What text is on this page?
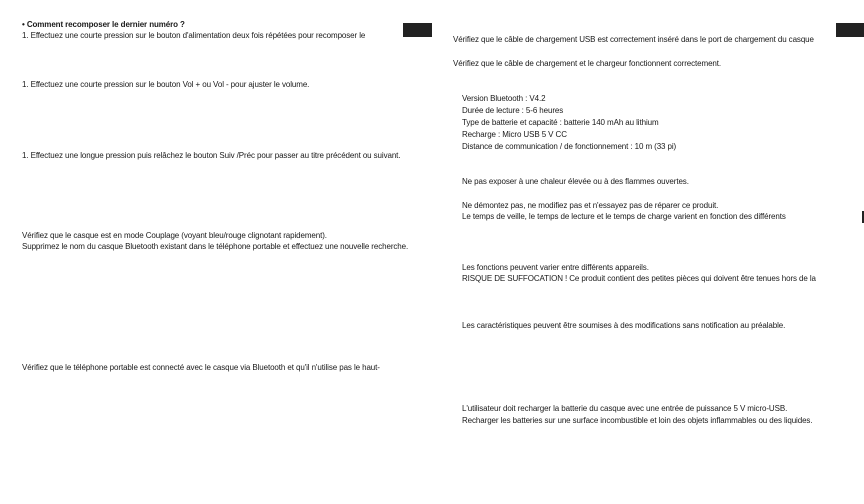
• Comment recomposer le dernier numéro ?
1. Effectuez une courte pression sur le bouton d'alimentation deux fois répétées pour recomposer le
1. Effectuez une courte pression sur le bouton Vol + ou Vol - pour ajuster le volume.
1. Effectuez une longue pression puis relâchez le bouton Suiv /Préc pour passer au titre précédent ou suivant.
Vérifiez que le casque est en mode Couplage (voyant bleu/rouge clignotant rapidement).
Supprimez le nom du casque Bluetooth existant dans le téléphone portable et effectuez une nouvelle recherche.
Vérifiez que le téléphone portable est connecté avec le casque via Bluetooth et qu'il n'utilise pas le haut-
Vérifiez que le câble de chargement USB est correctement inséré dans le port de chargement du casque
Vérifiez que le câble de chargement et le chargeur fonctionnent correctement.
Version Bluetooth : V4.2
Durée de lecture : 5-6 heures
Type de batterie et capacité : batterie 140 mAh au lithium
Recharge : Micro USB 5 V CC
Distance de communication / de fonctionnement : 10 m (33 pi)
Ne pas exposer à une chaleur élevée ou à des flammes ouvertes.
Ne démontez pas, ne modifiez pas et n'essayez pas de réparer ce produit.
Le temps de veille, le temps de lecture et le temps de charge varient en fonction des différents
Les fonctions peuvent varier entre différents appareils.
RISQUE DE SUFFOCATION ! Ce produit contient des petites pièces qui doivent être tenues hors de la
Les caractéristiques peuvent être soumises à des modifications sans notification au préalable.
L'utilisateur doit recharger la batterie du casque avec une entrée de puissance 5 V micro-USB.
Recharger les batteries sur une surface incombustible et loin des objets inflammables ou des liquides.
